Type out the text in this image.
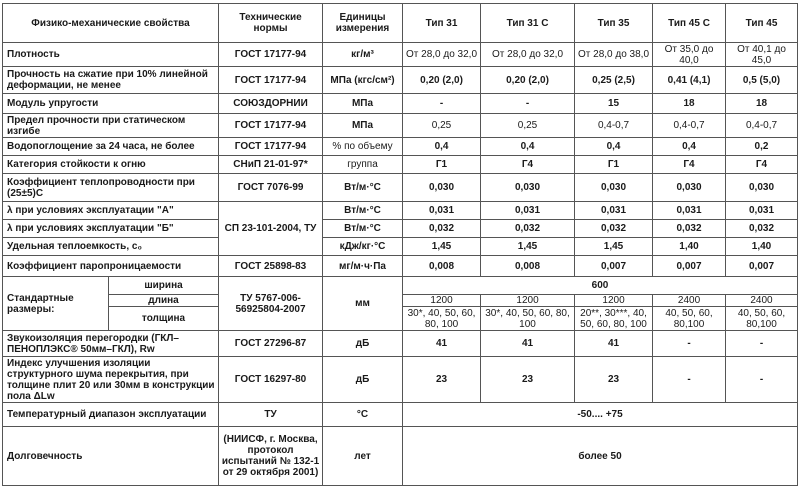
Физико-механические свойства		Технические нормы	Единицы измерения	Тип 31	Тип 31 С	Тип 35	Тип 45 С	Тип 45
Плотность		ГОСТ 17177-94	кг/м³	От 28,0 до 32,0	От 28,0 до 32,0	От 28,0 до 38,0	От 35,0 до 40,0	От 40,1 до 45,0
Прочность на сжатие при 10% линейной деформации, не менее		ГОСТ 17177-94	МПа (кгс/см²)	0,20 (2,0)	0,20 (2,0)	0,25 (2,5)	0,41 (4,1)	0,5 (5,0)
Модуль упругости		СОЮЗДОРНИИ	МПа	-	-	15	18	18
Предел прочности при статическом изгибе		ГОСТ 17177-94	МПа	0,25	0,25	0,4-0,7	0,4-0,7	0,4-0,7
Водопоглощение за 24 часа, не более		ГОСТ 17177-94	% по объему	0,4	0,4	0,4	0,4	0,2
Категория стойкости к огню		СНиП 21-01-97*	группа	Г1	Г4	Г1	Г4	Г4
Коэффициент теплопроводности при (25±5)С		ГОСТ 7076-99	Вт/м·°С	0,030	0,030	0,030	0,030	0,030
λ при условиях эксплуатации "А"		СП 23-101-2004, ТУ	Вт/м·°С	0,031	0,031	0,031	0,031	0,031
λ при условиях эксплуатации "Б"			Вт/м·°С	0,032	0,032	0,032	0,032	0,032
Удельная теплоемкость, с₀			кДж/кг·°С	1,45	1,45	1,45	1,40	1,40
Коэффициент паропроницаемости		ГОСТ 25898-83	мг/м·ч·Па	0,008	0,008	0,007	0,007	0,007
Стандартные размеры:	ширина	ТУ 5767-006-56925804-2007	мм	600				
	длина			1200	1200	1200	2400	2400
	толщина			30*, 40, 50, 60, 80, 100	30*, 40, 50, 60, 80, 100	20**, 30***, 40, 50, 60, 80, 100	40, 50, 60, 80,100	40, 50, 60, 80,100
Звукоизоляция перегородки (ГКЛ–ПЕНОПЛЭКС® 50мм–ГКЛ), Rw		ГОСТ 27296-87	дБ	41	41	41	-	-
Индекс улучшения изоляции структурного шума перекрытия, при толщине плит 20 или 30мм в конструкции пола ΔLw		ГОСТ 16297-80	дБ	23	23	23	-	-
Температурный диапазон эксплуатации		ТУ	°С	-50.... +75				
Долговечность		(НИИСФ, г. Москва, протокол испытаний № 132-1 от 29 октября 2001)	лет	более 50				
